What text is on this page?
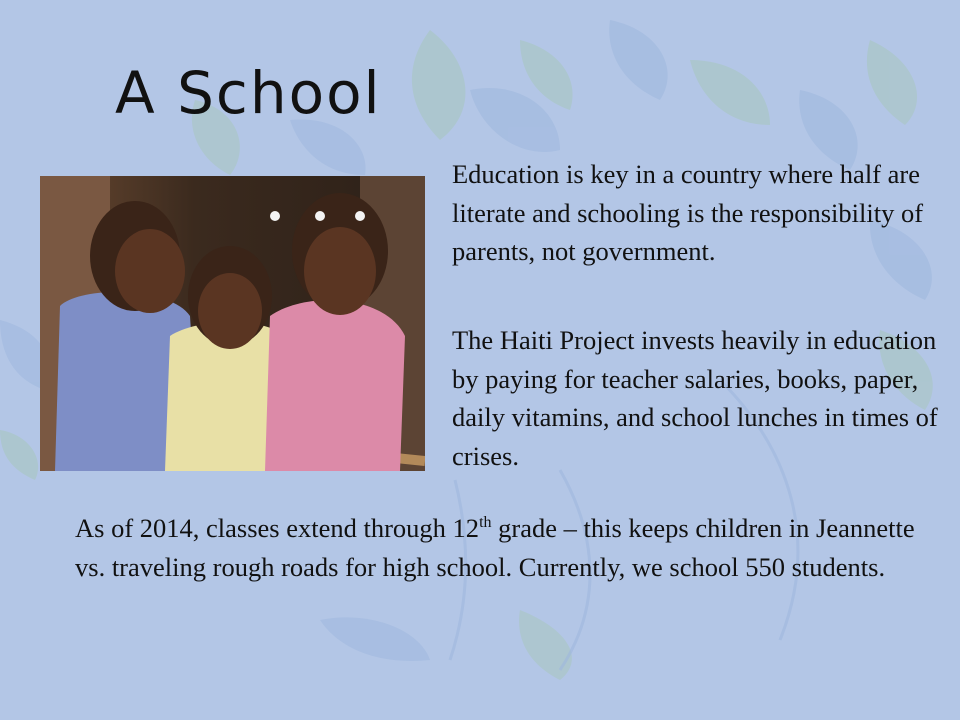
A School

Education is key in a country where half are literate and schooling is the responsibility of parents, not government.

The Haiti Project invests heavily in education by paying for teacher salaries, books, paper, daily vitamins, and school lunches in times of crises.

As of 2014, classes extend through 12th grade – this keeps children in Jeannette vs. traveling rough roads for high school. Currently, we school 550 students.
